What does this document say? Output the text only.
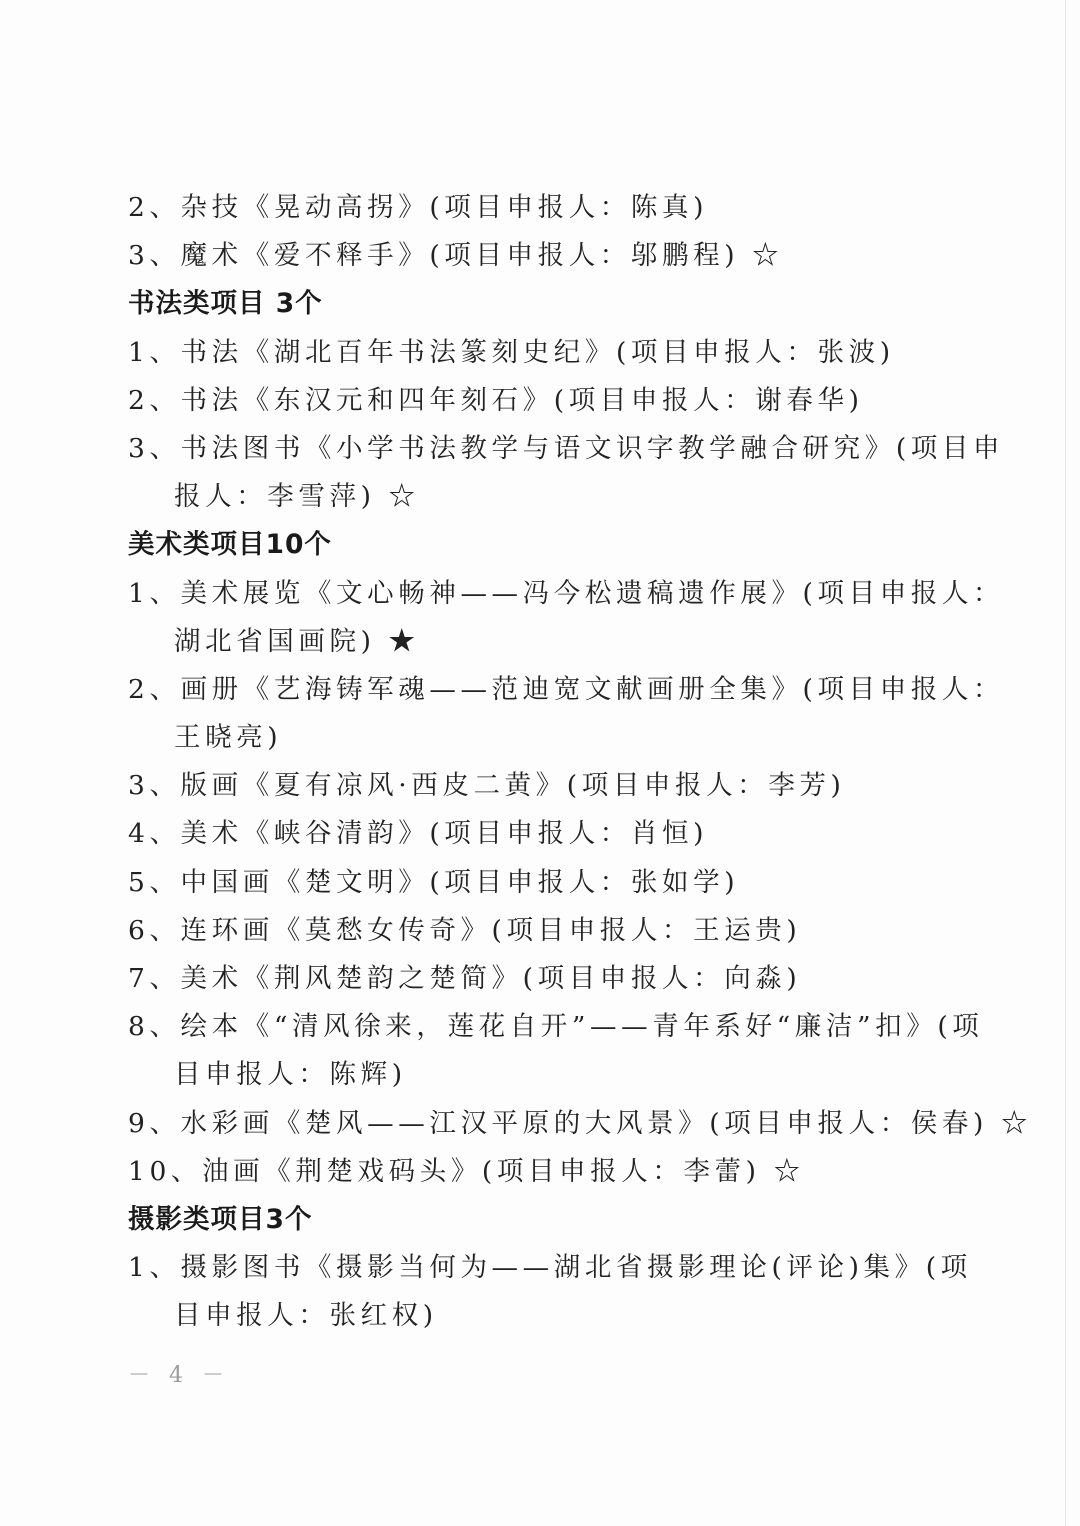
2、杂技《晃动高拐》(项目申报人：陈真)
3、魔术《爱不释手》(项目申报人：邬鹏程) ☆
书法类项目 3个
1、书法《湖北百年书法篆刻史纪》(项目申报人：张波)
2、书法《东汉元和四年刻石》(项目申报人：谢春华)
3、书法图书《小学书法教学与语文识字教学融合研究》(项目申
报人：李雪萍) ☆
美术类项目10个
1、美术展览《文心畅神——冯今松遗稿遗作展》(项目申报人：
湖北省国画院) ★
2、画册《艺海铸军魂——范迪宽文献画册全集》(项目申报人：
王晓亮)
3、版画《夏有凉风·西皮二黄》(项目申报人：李芳)
4、美术《峡谷清韵》(项目申报人：肖恒)
5、中国画《楚文明》(项目申报人：张如学)
6、连环画《莫愁女传奇》(项目申报人：王运贵)
7、美术《荆风楚韵之楚简》(项目申报人：向淼)
8、绘本《“清风徐来，莲花自开”——青年系好“廉洁”扣》(项
目申报人：陈辉)
9、水彩画《楚风——江汉平原的大风景》(项目申报人：侯春) ☆
10、油画《荆楚戏码头》(项目申报人：李蕾) ☆
摄影类项目3个
1、摄影图书《摄影当何为——湖北省摄影理论(评论)集》(项
目申报人：张红权)
－ 4 －
